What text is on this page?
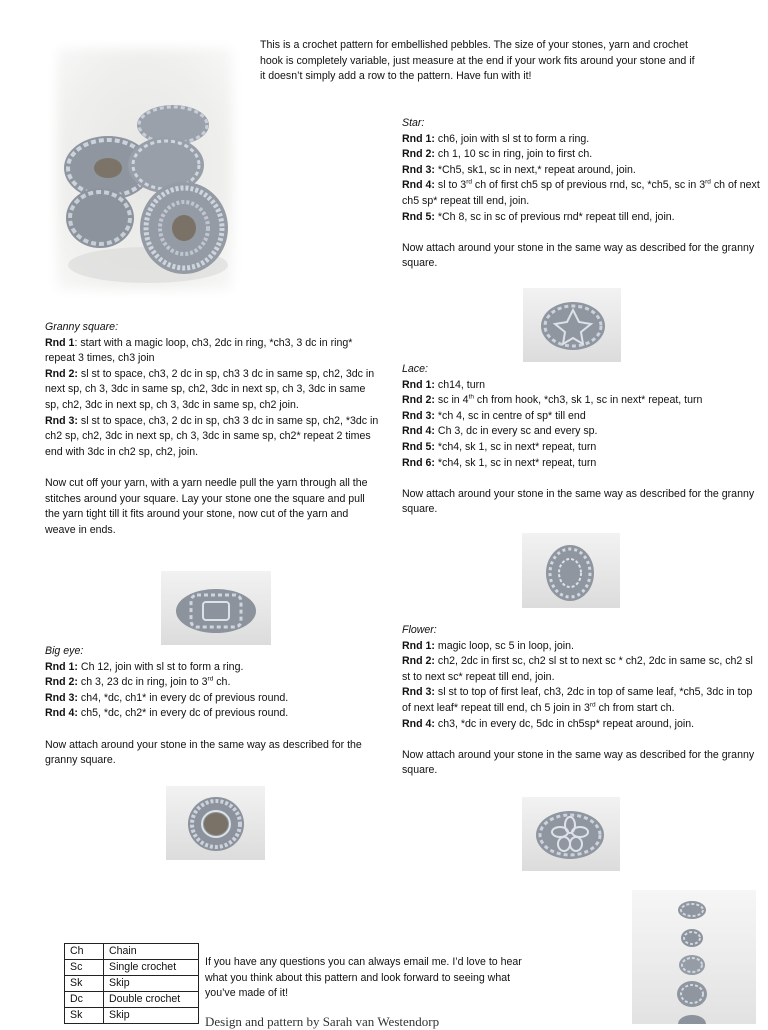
This is a crochet pattern for embellished pebbles. The size of your stones, yarn and crochet hook is completely variable, just measure at the end if your work fits around your stone and if it doesn’t simply add a row to the pattern. Have fun with it!

Star:

Rnd 1: ch6, join with sl st to form a ring.

Rnd 2: ch 1, 10 sc in ring, join to first ch.

Rnd 3: *Ch5, sk1, sc in next,* repeat around, join.

Rnd 4: sl to 3rd ch of first ch5 sp of previous rnd, sc, *ch5, sc in 3rd ch of next ch5 sp* repeat till end, join.

Rnd 5: *Ch 8, sc in sc of previous rnd* repeat till end, join.

Now attach around your stone in the same way as described for the granny square.

Granny square:

Rnd 1: start with a magic loop, ch3, 2dc in ring, *ch3, 3 dc in ring* repeat 3 times, ch3 join

Rnd 2: sl st to space, ch3, 2 dc in sp, ch3 3 dc in same sp, ch2, 3dc in next sp, ch 3, 3dc in same sp, ch2, 3dc in next sp, ch 3, 3dc in same sp, ch2, 3dc in next sp, ch 3, 3dc in same sp, ch2 join.

Rnd 3: sl st to space, ch3, 2 dc in sp, ch3 3 dc in same sp, ch2, *3dc in ch2 sp, ch2, 3dc in next sp, ch 3, 3dc in same sp, ch2* repeat 2 times end with 3dc in ch2 sp, ch2, join.

Now cut off your yarn, with a yarn needle pull the yarn through all the stitches around your square. Lay your stone one the square and pull the yarn tight till it fits around your stone, now cut of the yarn and weave in ends.

Lace:

Rnd 1: ch14, turn

Rnd 2: sc in 4th ch from hook, *ch3, sk 1, sc in next* repeat, turn

Rnd 3: *ch 4, sc in centre of sp* till end

Rnd 4: Ch 3, dc in every sc and every sp.

Rnd 5: *ch4, sk 1, sc in next* repeat, turn

Rnd 6: *ch4, sk 1, sc in next* repeat, turn

Now attach around your stone in the same way as described for the granny square.

Big eye:

Rnd 1: Ch 12, join with sl st to form a ring.

Rnd 2: ch 3, 23 dc in ring, join to 3rd ch.

Rnd 3: ch4, *dc, ch1* in every dc of previous round.

Rnd 4: ch5, *dc, ch2* in every dc of previous round.

Now attach around your stone in the same way as described for the granny square.

Flower:

Rnd 1: magic loop, sc 5 in loop, join.

Rnd 2: ch2, 2dc in first sc, ch2 sl st to next sc * ch2, 2dc in same sc, ch2 sl st to next sc* repeat till end, join.

Rnd 3: sl st to top of first leaf, ch3, 2dc in top of same leaf, *ch5, 3dc in top of next leaf* repeat till end, ch 5 join in 3rd ch from start ch.

Rnd 4: ch3, *dc in every dc, 5dc in ch5sp* repeat around, join.

Now attach around your stone in the same way as described for the granny square.

Ch	Chain
Sc	Single crochet
Sk	Skip
Dc	Double crochet
Sk	Skip

If you have any questions you can always email me. I’d love to hear what you think about this pattern and look forward to seeing what you’ve made of it!

Design and pattern by Sarah van Westendorp
